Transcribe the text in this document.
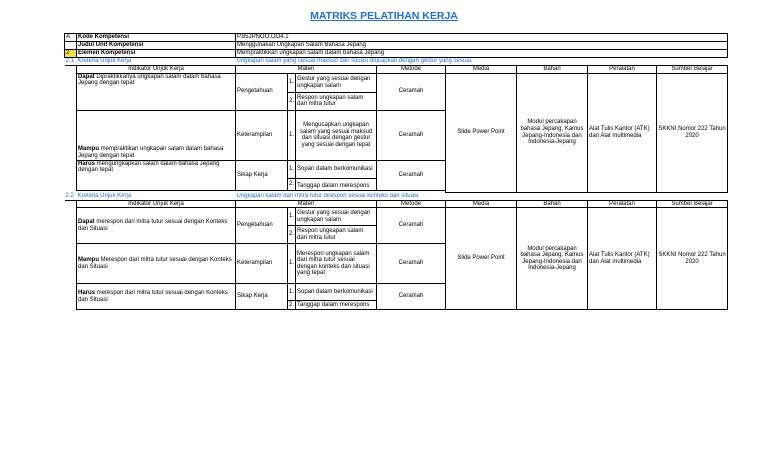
MATRIKS PELATIHAN KERJA
A	Kode Kompetensi	P.85JPNOO.OO4.1							
	Judul Unit Kompetensi	Menggunakan Ungkapan Salam Bahasa Jepang							
2	Elemen Kompetensi	Mempraktikkan ungkapan salam dalam bahasa Jepang							
2.1	Kreteria Unjuk Kerja	Ungkapan salam yang sesuai maksud dan situasi diucapkan dengan gestur yang sesuai.							
	Indikator Unjuk Kerja	Materi			Metode	Media	Bahan	Peralatan	Sumber Belajar
	Dapat Dipraktikkanya ungkapan salam dalam bahasa Jepang dengan tepat	Pengetahuan	1.	Gestur yang sesuai dengan ungkapan salam	Ceramah	Slide Power Point	Modul percakapan bahasa Jepang, Kamus Jepang-Indonesia dan Indonesia-Jepang	Alat Tulis Kantor (ATK) dan Alat multimedia	SKKNI Nomor 222 Tahun 2020
			2.	Respon ungkapan salam dari mitra tutur					
	Mampu mempraktikan ungkapan salam dalam bahasa Jepang dengan tepat	Keterampilan	1.	Mengucapkan ungkapan salam yang sesuai maksud dan situasi dengan gestur yang sesuai dengan tepat	Ceramah				
	Harus mengungkapkan salam dalam bahasa Jepang dengan tepat	Sikap Kerja	1.	Sopan dalam berkomunikasi	Ceramah				
			2.	Tanggap dalam merespons					

2.2	Kreteria Unjuk Kerja	Ungkapan salam dari mitra tutur direspon sesuai konteks dan situasi							
	Indikator Unjuk Kerja	Materi			Metode	Media	Bahan	Peralatan	Sumber Belajar
	Dapat merespon dari mitra tutur sesuai dengan Konteks dan Situasi	Pengetahuan	1.	Gestur yang sesuai dengan ungkapan salam	Ceramah	Slide Power Point	Modul percakapan bahasa Jepang, Kamus Jepang-Indonesia dan Indonesia-Jepang	Alat Tulis Kantor (ATK) dan Alat multimedia	SKKNI Nomor 222 Tahun 2020
			2.	Respon ungkapan salam dari mitra tutur					
	Mampu Merespon dari mitra tutur sesuai dengan Konteks dan Situasi	Keterampilan	1.	Merespon ungkapan salam dari mitra tutur sesuai dengan konteks dan situasi yang tepat	Ceramah				
	Harus merespon dari mitra tutur sesuai dengan Konteks dan Situasi	Sikap Kerja	1.	Sopan dalam berkomunikasi	Ceramah				
			2.	Tanggap dalam merespons					
